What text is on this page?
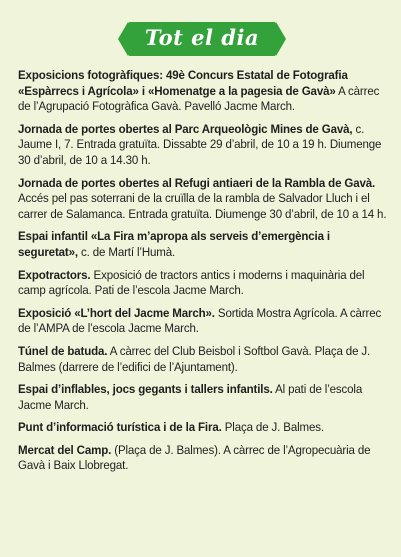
Tot el dia

Exposicions fotogràfiques: 49è Concurs Estatal de Fotografia «Espàrrecs i Agrícola» i «Homenatge a la pagesia de Gavà» A càrrec de l’Agrupació Fotogràfica Gavà. Pavelló Jacme March.

Jornada de portes obertes al Parc Arqueològic Mines de Gavà, c. Jaume I, 7. Entrada gratuïta. Dissabte 29 d’abril, de 10 a 19 h. Diumenge 30 d’abril, de 10 a 14.30 h.

Jornada de portes obertes al Refugi antiaeri de la Rambla de Gavà. Accés pel pas soterrani de la cruïlla de la rambla de Salvador Lluch i el carrer de Salamanca. Entrada gratuïta. Diumenge 30 d’abril, de 10 a 14 h.

Espai infantil «La Fira m’apropa als serveis d’emergència i seguretat», c. de Martí l’Humà.

Expotractors. Exposició de tractors antics i moderns i maquinària del camp agrícola. Pati de l’escola Jacme March.

Exposició «L’hort del Jacme March». Sortida Mostra Agrícola. A càrrec de l’AMPA de l’escola Jacme March.

Túnel de batuda. A càrrec del Club Beisbol i Softbol Gavà. Plaça de J. Balmes (darrere de l’edifici de l’Ajuntament).

Espai d’inflables, jocs gegants i tallers infantils. Al pati de l’escola Jacme March.

Punt d’informació turística i de la Fira. Plaça de J. Balmes.

Mercat del Camp. (Plaça de J. Balmes). A càrrec de l’Agropecuària de Gavà i Baix Llobregat.
